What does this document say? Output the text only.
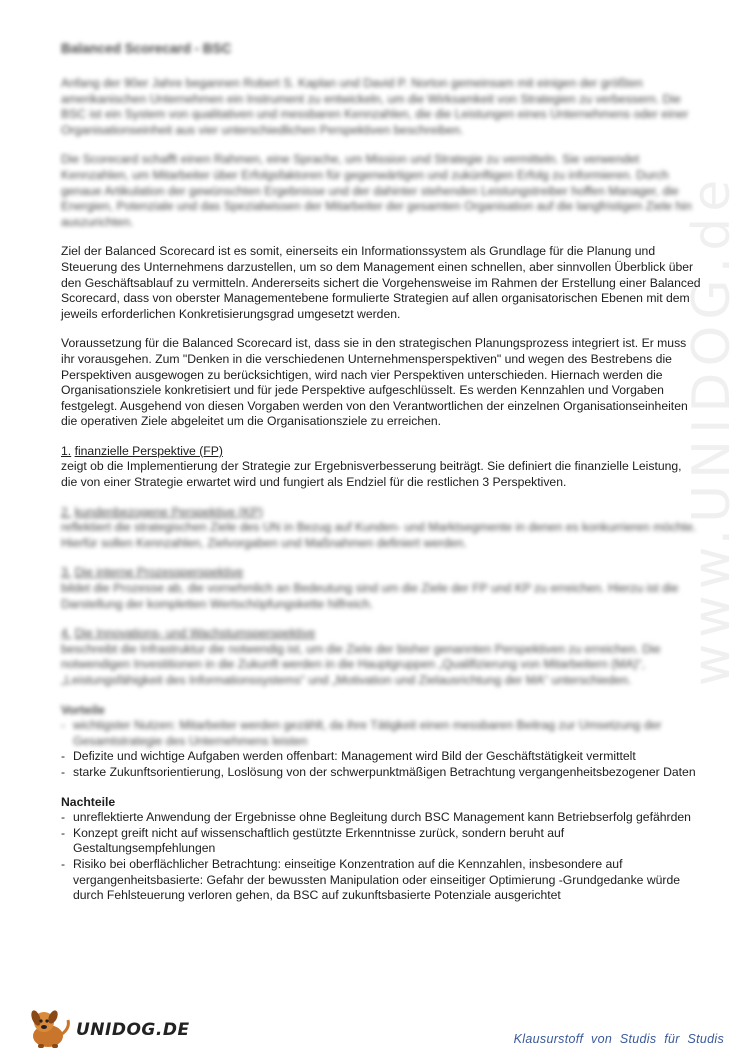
www.UNIDOG.de
Balanced Scorecard - BSC

Anfang der 90er Jahre begannen Robert S. Kaplan und David P. Norton gemeinsam mit einigen der größten amerikanischen Unternehmen ein Instrument zu entwickeln, um die Wirksamkeit von Strategien zu verbessern. Die BSC ist ein System von qualitativen und messbaren Kennzahlen, die die Leistungen eines Unternehmens oder einer Organisationseinheit aus vier unterschiedlichen Perspektiven beschreiben.

Die Scorecard schafft einen Rahmen, eine Sprache, um Mission und Strategie zu vermitteln. Sie verwendet Kennzahlen, um Mitarbeiter über Erfolgsfaktoren für gegenwärtigen und zukünftigen Erfolg zu informieren. Durch genaue Artikulation der gewünschten Ergebnisse und der dahinter stehenden Leistungstreiber hoffen Manager, die Energien, Potenziale und das Spezialwissen der Mitarbeiter der gesamten Organisation auf die langfristigen Ziele hin auszurichten.

Ziel der Balanced Scorecard ist es somit, einerseits ein Informationssystem als Grundlage für die Planung und Steuerung des Unternehmens darzustellen, um so dem Management einen schnellen, aber sinnvollen Überblick über den Geschäftsablauf zu vermitteln. Andererseits sichert die Vorgehensweise im Rahmen der Erstellung einer Balanced Scorecard, dass von oberster Managementebene formulierte Strategien auf allen organisatorischen Ebenen mit dem jeweils erforderlichen Konkretisierungsgrad umgesetzt werden.

Voraussetzung für die Balanced Scorecard ist, dass sie in den strategischen Planungsprozess integriert ist. Er muss ihr vorausgehen. Zum "Denken in die verschiedenen Unternehmensperspektiven" und wegen des Bestrebens die Perspektiven ausgewogen zu berücksichtigen, wird nach vier Perspektiven unterschieden. Hiernach werden die Organisationsziele konkretisiert und für jede Perspektive aufgeschlüsselt. Es werden Kennzahlen und Vorgaben festgelegt. Ausgehend von diesen Vorgaben werden von den Verantwortlichen der einzelnen Organisationseinheiten die operativen Ziele abgeleitet um die Organisationsziele zu erreichen.

1. finanzielle Perspektive (FP)
zeigt ob die Implementierung der Strategie zur Ergebnisverbesserung beiträgt. Sie definiert die finanzielle Leistung, die von einer Strategie erwartet wird und fungiert als Endziel für die restlichen 3 Perspektiven.
2. kundenbezogene Perspektive (KP)
reflektiert die strategischen Ziele des UN in Bezug auf Kunden- und Marktsegmente in denen es konkurrieren möchte. Hierfür sollen Kennzahlen, Zielvorgaben und Maßnahmen definiert werden.
3. Die interne Prozessperspektive
bildet die Prozesse ab, die vornehmlich an Bedeutung sind um die Ziele der FP und KP zu erreichen. Hierzu ist die Darstellung der kompletten Wertschöpfungskette hilfreich.
4. Die Innovations- und Wachstumsperspektive
beschreibt die Infrastruktur die notwendig ist, um die Ziele der bisher genannten Perspektiven zu erreichen. Die notwendigen Investitionen in die Zukunft werden in die Hauptgruppen „Qualifizierung von Mitarbeitern (MA)“, „Leistungsfähigkeit des Informationssystems“ und „Motivation und Zielausrichtung der MA“ unterschieden.
Vorteile
- wichtigster Nutzen: Mitarbeiter werden gezählt, da ihre Tätigkeit einen messbaren Beitrag zur Umsetzung der Gesamtstrategie des Unternehmens leisten
- Defizite und wichtige Aufgaben werden offenbart: Management wird Bild der Geschäftstätigkeit vermittelt
- starke Zukunftsorientierung, Loslösung von der schwerpunktmäßigen Betrachtung vergangenheitsbezogener Daten
Nachteile
- unreflektierte Anwendung der Ergebnisse ohne Begleitung durch BSC Management kann Betriebserfolg gefährden
- Konzept greift nicht auf wissenschaftlich gestützte Erkenntnisse zurück, sondern beruht auf Gestaltungsempfehlungen
- Risiko bei oberflächlicher Betrachtung: einseitige Konzentration auf die Kennzahlen, insbesondere auf vergangenheitsbasierte: Gefahr der bewussten Manipulation oder einseitiger Optimierung -Grundgedanke würde durch Fehlsteuerung verloren gehen, da BSC auf zukunftsbasierte Potenziale ausgerichtet
UNIDOG.DE	Klausurstoff von Studis für Studis
